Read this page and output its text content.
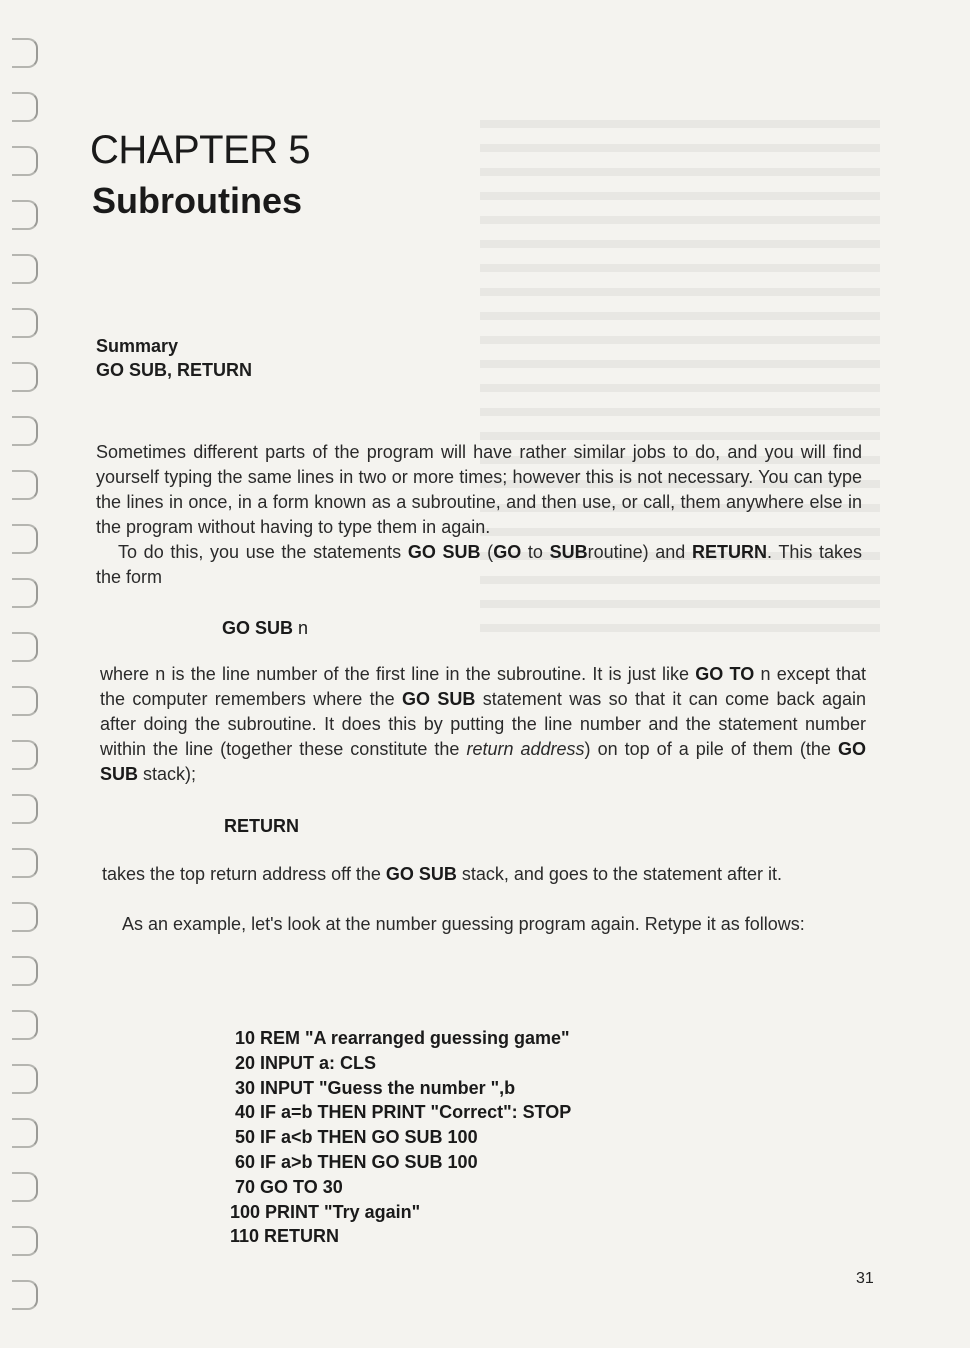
CHAPTER 5
Subroutines
Summary
GO SUB, RETURN

Sometimes different parts of the program will have rather similar jobs to do, and you will find yourself typing the same lines in two or more times; however this is not necessary. You can type the lines in once, in a form known as a subroutine, and then use, or call, them anywhere else in the program without having to type them in again.

To do this, you use the statements GO SUB (GO to SUBroutine) and RETURN. This takes the form

GO SUB n

where n is the line number of the first line in the subroutine. It is just like GO TO n except that the computer remembers where the GO SUB statement was so that it can come back again after doing the subroutine. It does this by putting the line number and the statement number within the line (together these constitute the return address) on top of a pile of them (the GO SUB stack);

RETURN

takes the top return address off the GO SUB stack, and goes to the statement after it.

As an example, let's look at the number guessing program again. Retype it as follows:

10 REM "A rearranged guessing game"
20 INPUT a: CLS
30 INPUT "Guess the number ",b
40 IF a=b THEN PRINT "Correct": STOP
50 IF a<b THEN GO SUB 100
60 IF a>b THEN GO SUB 100
70 GO TO 30
100 PRINT "Try again"
110 RETURN
31
